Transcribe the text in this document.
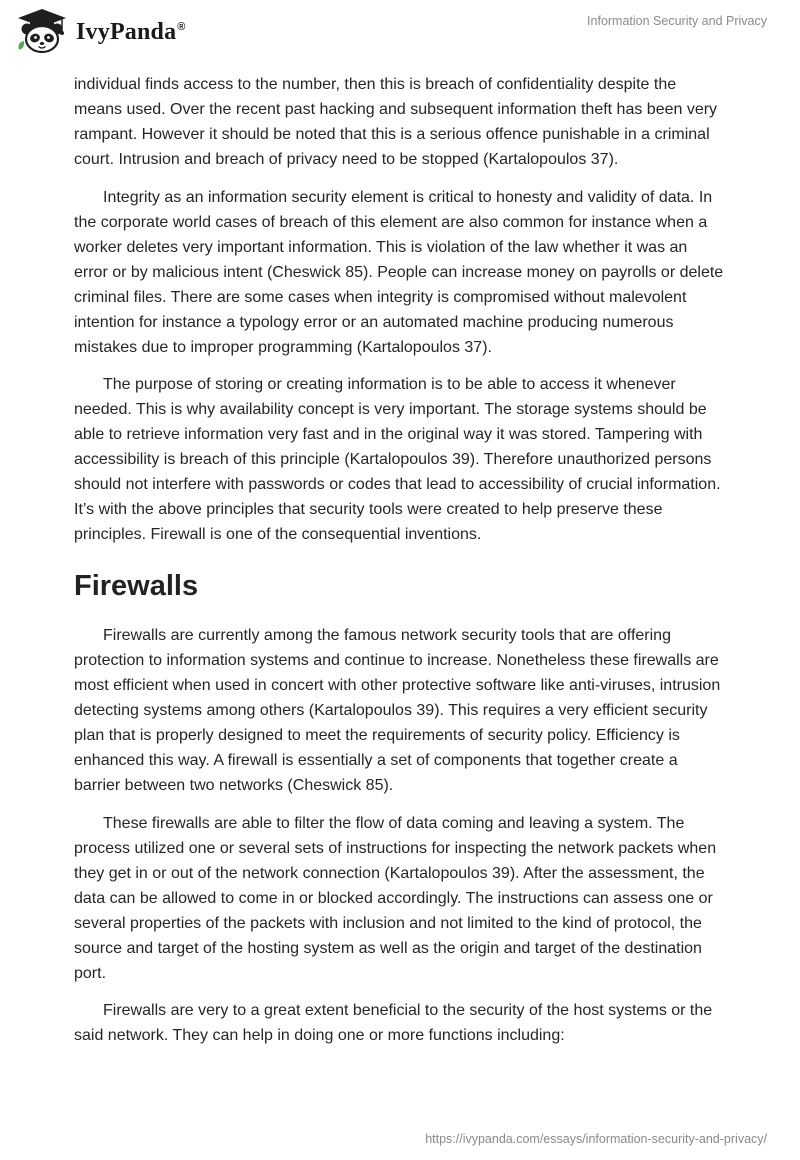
IvyPanda®	Information Security and Privacy

individual finds access to the number, then this is breach of confidentiality despite the means used. Over the recent past hacking and subsequent information theft has been very rampant. However it should be noted that this is a serious offence punishable in a criminal court. Intrusion and breach of privacy need to be stopped (Kartalopoulos 37).

Integrity as an information security element is critical to honesty and validity of data. In the corporate world cases of breach of this element are also common for instance when a worker deletes very important information. This is violation of the law whether it was an error or by malicious intent (Cheswick 85). People can increase money on payrolls or delete criminal files. There are some cases when integrity is compromised without malevolent intention for instance a typology error or an automated machine producing numerous mistakes due to improper programming (Kartalopoulos 37).

The purpose of storing or creating information is to be able to access it whenever needed. This is why availability concept is very important. The storage systems should be able to retrieve information very fast and in the original way it was stored. Tampering with accessibility is breach of this principle (Kartalopoulos 39). Therefore unauthorized persons should not interfere with passwords or codes that lead to accessibility of crucial information. It’s with the above principles that security tools were created to help preserve these principles. Firewall is one of the consequential inventions.

Firewalls

Firewalls are currently among the famous network security tools that are offering protection to information systems and continue to increase. Nonetheless these firewalls are most efficient when used in concert with other protective software like anti-viruses, intrusion detecting systems among others (Kartalopoulos 39). This requires a very efficient security plan that is properly designed to meet the requirements of security policy. Efficiency is enhanced this way. A firewall is essentially a set of components that together create a barrier between two networks (Cheswick 85).

These firewalls are able to filter the flow of data coming and leaving a system. The process utilized one or several sets of instructions for inspecting the network packets when they get in or out of the network connection (Kartalopoulos 39). After the assessment, the data can be allowed to come in or blocked accordingly. The instructions can assess one or several properties of the packets with inclusion and not limited to the kind of protocol, the source and target of the hosting system as well as the origin and target of the destination port.

Firewalls are very to a great extent beneficial to the security of the host systems or the said network. They can help in doing one or more functions including:

https://ivypanda.com/essays/information-security-and-privacy/
